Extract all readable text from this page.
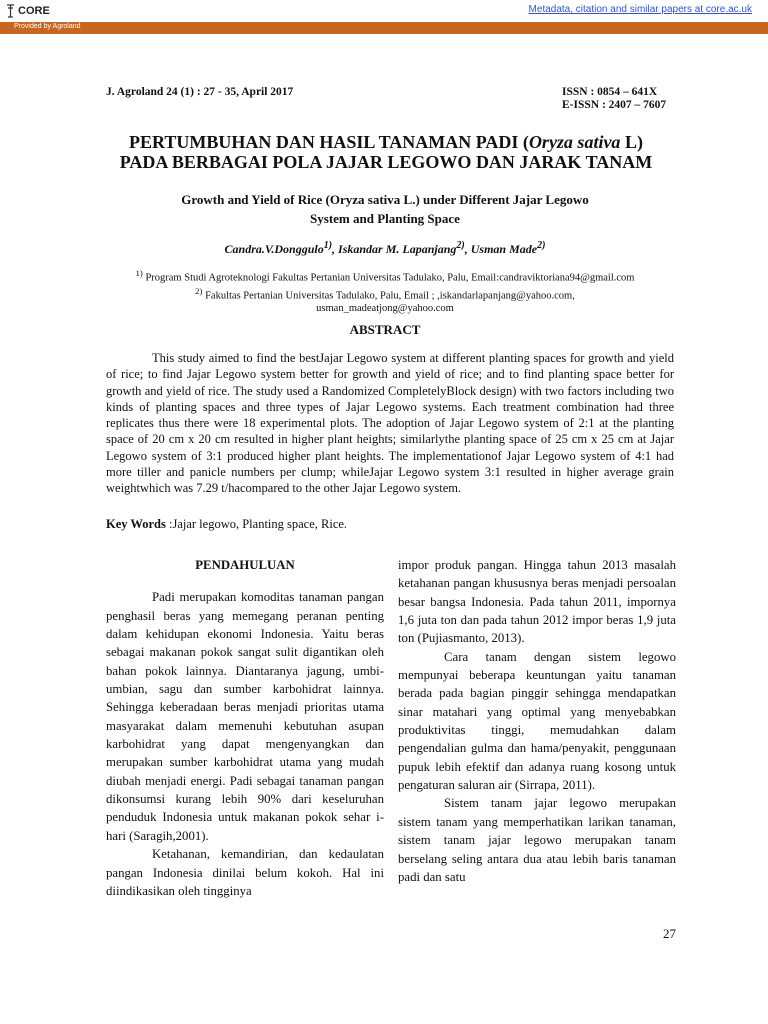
CORE	Metadata, citation and similar papers at core.ac.uk
Provided by Agroland
J. Agroland 24 (1) : 27 - 35, April 2017	ISSN : 0854 – 641X
E-ISSN : 2407 – 7607
PERTUMBUHAN DAN HASIL TANAMAN PADI (Oryza sativa L)
PADA BERBAGAI POLA JAJAR LEGOWO DAN JARAK TANAM
Growth and Yield of Rice (Oryza sativa L.) under Different Jajar Legowo
System and Planting Space
Candra.V.Donggulo$^{1)}$, Iskandar M. Lapanjang$^{2)}$, Usman Made$^{2)}$
$^{1)}$ Program Studi Agroteknologi Fakultas Pertanian Universitas Tadulako, Palu, Email:candraviktoriana94@gmail.com
$^{2)}$ Fakultas Pertanian Universitas Tadulako, Palu, Email ; ,iskandarlapanjang@yahoo.com,
usman_madeatjong@yahoo.com
ABSTRACT
This study aimed to find the bestJajar Legowo system at different planting spaces for growth and yield of rice; to find Jajar Legowo system better for growth and yield of rice; and to find planting space better for growth and yield of rice. The study used a Randomized CompletelyBlock design) with two factors including two kinds of planting spaces and three types of Jajar Legowo systems. Each treatment combination had three replicates thus there were 18 experimental plots. The adoption of Jajar Legowo system of 2:1 at the planting space of 20 cm x 20 cm resulted in higher plant heights; similarlythe planting space of 25 cm x 25 cm at Jajar Legowo system of 3:1 produced higher plant heights. The implementationof Jajar Legowo system of 4:1 had more tiller and panicle numbers per clump; whileJajar Legowo system 3:1 resulted in higher average grain weightwhich was 7.29 t/hacompared to the other Jajar Legowo system.
Key Words :Jajar legowo, Planting space, Rice.
PENDAHULUAN

Padi merupakan komoditas tanaman pangan penghasil beras yang memegang peranan penting dalam kehidupan ekonomi Indonesia. Yaitu beras sebagai makanan pokok sangat sulit digantikan oleh bahan pokok lainnya. Diantaranya jagung, umbi-umbian, sagu dan sumber karbohidrat lainnya. Sehingga keberadaan beras menjadi prioritas utama masyarakat dalam memenuhi kebutuhan asupan karbohidrat yang dapat mengenyangkan dan merupakan sumber karbohidrat utama yang mudah diubah menjadi energi. Padi sebagai tanaman pangan dikonsumsi kurang lebih 90% dari keseluruhan penduduk Indonesia untuk makanan pokok sehar i-hari (Saragih,2001).

Ketahanan, kemandirian, dan kedaulatan pangan Indonesia dinilai belum kokoh. Hal ini diindikasikan oleh tingginya

impor produk pangan. Hingga tahun 2013 masalah ketahanan pangan khususnya beras menjadi persoalan besar bangsa Indonesia. Pada tahun 2011, impornya 1,6 juta ton dan pada tahun 2012 impor beras 1,9 juta ton (Pujiasmanto, 2013).

Cara tanam dengan sistem legowo mempunyai beberapa keuntungan yaitu tanaman berada pada bagian pinggir sehingga mendapatkan sinar matahari yang optimal yang menyebabkan produktivitas tinggi, memudahkan dalam pengendalian gulma dan hama/penyakit, penggunaan pupuk lebih efektif dan adanya ruang kosong untuk pengaturan saluran air (Sirrapa, 2011).

Sistem tanam jajar legowo merupakan sistem tanam yang memperhatikan larikan tanaman, sistem tanam jajar legowo merupakan tanam berselang seling antara dua atau lebih baris tanaman padi dan satu

27
